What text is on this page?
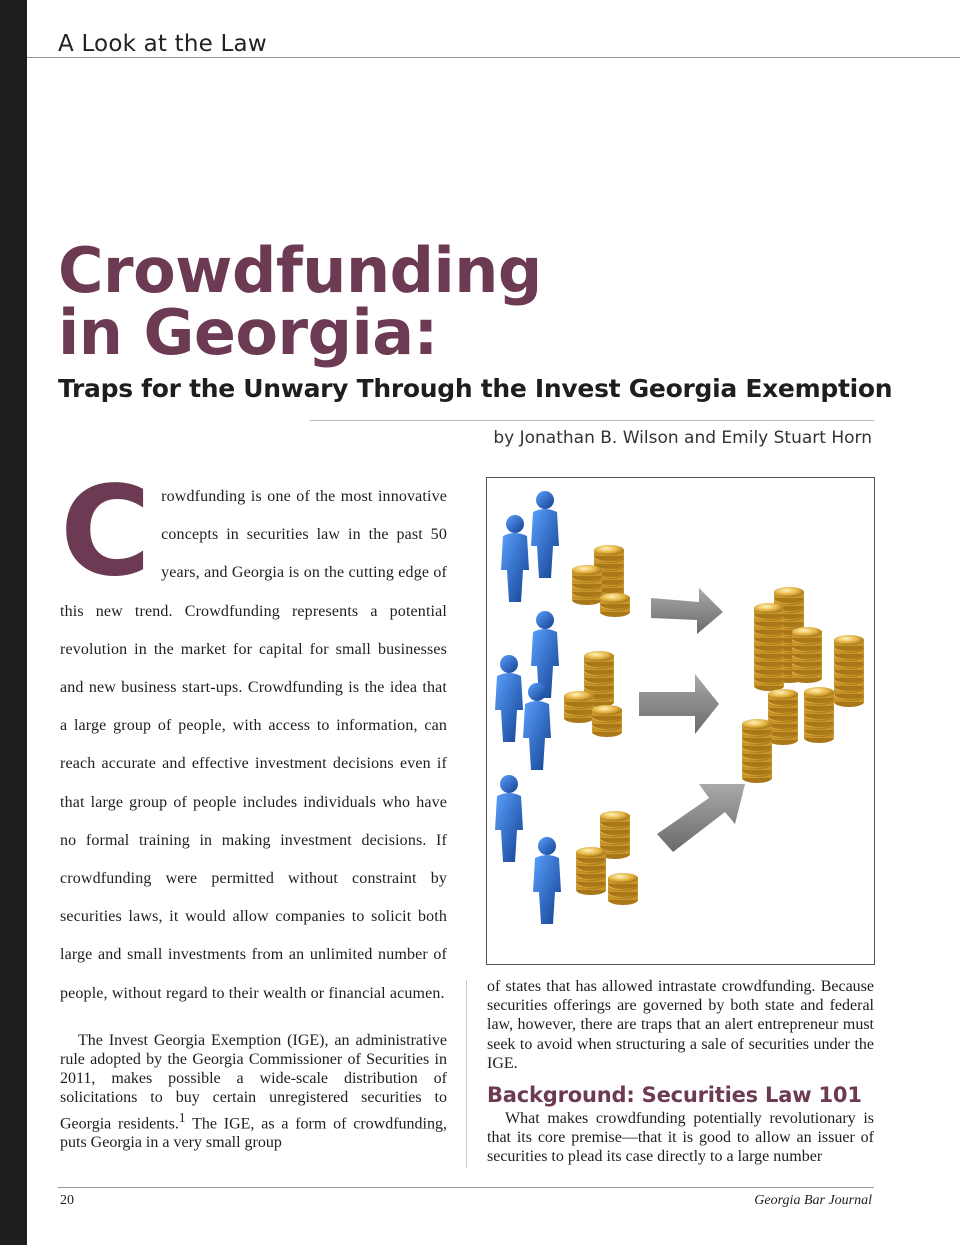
A Look at the Law
Crowdfunding
in Georgia:
Traps for the Unwary Through the Invest Georgia Exemption
by Jonathan B. Wilson and Emily Stuart Horn

Crowdfunding is one of the most innovative concepts in securities law in the past 50 years, and Georgia is on the cutting edge of this new trend. Crowdfunding represents a potential revolution in the market for capital for small businesses and new business start-ups. Crowdfunding is the idea that a large group of people, with access to information, can reach accurate and effective investment decisions even if that large group of people includes individuals who have no formal training in making investment decisions. If crowdfunding were permitted without constraint by securities laws, it would allow companies to solicit both large and small investments from an unlimited number of people, without regard to their wealth or financial acumen.

The Invest Georgia Exemption (IGE), an administrative rule adopted by the Georgia Commissioner of Securities in 2011, makes possible a wide-scale distribution of solicitations to buy certain unregistered securities to Georgia residents.$^1$ The IGE, as a form of crowdfunding, puts Georgia in a very small group

of states that has allowed intrastate crowdfunding. Because securities offerings are governed by both state and federal law, however, there are traps that an alert entrepreneur must seek to avoid when structuring a sale of securities under the IGE.

Background: Securities Law 101

What makes crowdfunding potentially revolutionary is that its core premise—that it is good to allow an issuer of securities to plead its case directly to a large number

20	Georgia Bar Journal
